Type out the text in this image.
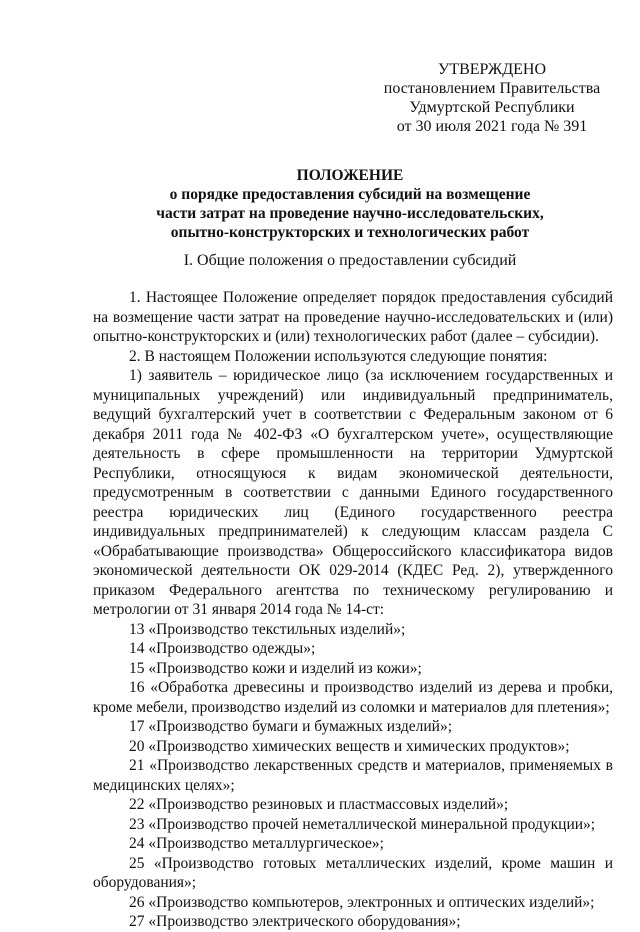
УТВЕРЖДЕНО
постановлением Правительства
Удмуртской Республики
от 30 июля 2021 года № 391
ПОЛОЖЕНИЕ
о порядке предоставления субсидий на возмещение
части затрат на проведение научно-исследовательских,
опытно-конструкторских и технологических работ
I. Общие положения о предоставлении субсидий
1. Настоящее Положение определяет порядок предоставления субсидий на возмещение части затрат на проведение научно-исследовательских и (или) опытно-конструкторских и (или) технологических работ (далее – субсидии).
2. В настоящем Положении используются следующие понятия:
1) заявитель – юридическое лицо (за исключением государственных и муниципальных учреждений) или индивидуальный предприниматель, ведущий бухгалтерский учет в соответствии с Федеральным законом от 6 декабря 2011 года № 402-ФЗ «О бухгалтерском учете», осуществляющие деятельность в сфере промышленности на территории Удмуртской Республики, относящуюся к видам экономической деятельности, предусмотренным в соответствии с данными Единого государственного реестра юридических лиц (Единого государственного реестра индивидуальных предпринимателей) к следующим классам раздела С «Обрабатывающие производства» Общероссийского классификатора видов экономической деятельности ОК 029-2014 (КДЕС Ред. 2), утвержденного приказом Федерального агентства по техническому регулированию и метрологии от 31 января 2014 года № 14-ст:
13 «Производство текстильных изделий»;
14 «Производство одежды»;
15 «Производство кожи и изделий из кожи»;
16 «Обработка древесины и производство изделий из дерева и пробки, кроме мебели, производство изделий из соломки и материалов для плетения»;
17 «Производство бумаги и бумажных изделий»;
20 «Производство химических веществ и химических продуктов»;
21 «Производство лекарственных средств и материалов, применяемых в медицинских целях»;
22 «Производство резиновых и пластмассовых изделий»;
23 «Производство прочей неметаллической минеральной продукции»;
24 «Производство металлургическое»;
25 «Производство готовых металлических изделий, кроме машин и оборудования»;
26 «Производство компьютеров, электронных и оптических изделий»;
27 «Производство электрического оборудования»;
